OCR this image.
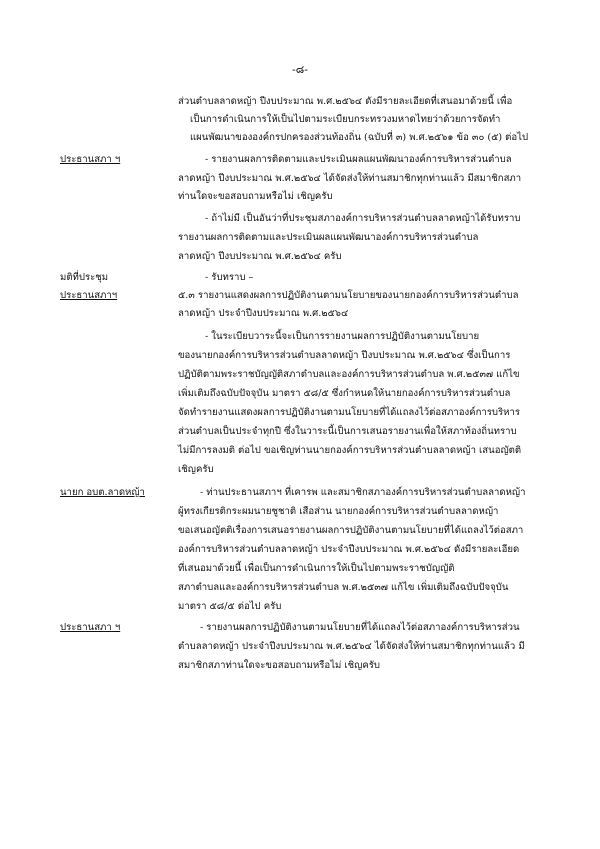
-๘-
ส่วนตำบลลาดหญ้า ปีงบประมาณ พ.ศ.๒๕๖๔ ดังมีรายละเอียดที่เสนอมาด้วยนี้ เพื่อ
เป็นการดำเนินการให้เป็นไปตามระเบียบกระทรวงมหาดไทยว่าด้วยการจัดทำ
แผนพัฒนาขององค์กรปกครองส่วนท้องถิ่น (ฉบับที่ ๓) พ.ศ.๒๕๖๑ ข้อ ๓๐ (๕) ต่อไป
ประธานสภา ฯ	- รายงานผลการติดตามและประเมินผลแผนพัฒนาองค์การบริหารส่วนตำบล
ลาดหญ้า ปีงบประมาณ พ.ศ.๒๕๖๔ ได้จัดส่งให้ท่านสมาชิกทุกท่านแล้ว มีสมาชิกสภา
ท่านใดจะขอสอบถามหรือไม่ เชิญครับ
- ถ้าไม่มี เป็นอันว่าที่ประชุมสภาองค์การบริหารส่วนตำบลลาดหญ้าได้รับทราบ
รายงานผลการติดตามและประเมินผลแผนพัฒนาองค์การบริหารส่วนตำบล
ลาดหญ้า ปีงบประมาณ พ.ศ.๒๕๖๔ ครับ
มติที่ประชุม	- รับทราบ –
ประธานสภาฯ	๕.๓ รายงานแสดงผลการปฏิบัติงานตามนโยบายของนายกองค์การบริหารส่วนตำบล
ลาดหญ้า ประจำปีงบประมาณ พ.ศ.๒๕๖๔
- ในระเบียบวาระนี้จะเป็นการรายงานผลการปฏิบัติงานตามนโยบาย
ของนายกองค์การบริหารส่วนตำบลลาดหญ้า ปีงบประมาณ พ.ศ.๒๕๖๔ ซึ่งเป็นการ
ปฏิบัติตามพระราชบัญญัติสภาตำบลและองค์การบริหารส่วนตำบล พ.ศ.๒๕๓๗ แก้ไข
เพิ่มเติมถึงฉบับปัจจุบัน มาตรา ๕๘/๕ ซึ่งกำหนดให้นายกองค์การบริหารส่วนตำบล
จัดทำรายงานแสดงผลการปฏิบัติงานตามนโยบายที่ได้แถลงไว้ต่อสภาองค์การบริหาร
ส่วนตำบลเป็นประจำทุกปี ซึ่งในวาระนี้เป็นการเสนอรายงานเพื่อให้สภาท้องถิ่นทราบ
ไม่มีการลงมติ ต่อไป ขอเชิญท่านนายกองค์การบริหารส่วนตำบลลาดหญ้า เสนอญัตติ
เชิญครับ
นายก อบต.ลาดหญ้า	- ท่านประธานสภาฯ ที่เคารพ และสมาชิกสภาองค์การบริหารส่วนตำบลลาดหญ้า
ผู้ทรงเกียรติกระผมนายชูชาติ เสือส่าน นายกองค์การบริหารส่วนตำบลลาดหญ้า
ขอเสนอญัตติเรื่องการเสนอรายงานผลการปฏิบัติงานตามนโยบายที่ได้แถลงไว้ต่อสภา
องค์การบริหารส่วนตำบลลาดหญ้า ประจำปีงบประมาณ พ.ศ.๒๕๖๔ ดังมีรายละเอียด
ที่เสนอมาด้วยนี้ เพื่อเป็นการดำเนินการให้เป็นไปตามพระราชบัญญัติ
สภาตำบลและองค์การบริหารส่วนตำบล พ.ศ.๒๕๓๗ แก้ไข เพิ่มเติมถึงฉบับปัจจุบัน
มาตรา ๕๘/๕ ต่อไป ครับ
ประธานสภา ฯ	- รายงานผลการปฏิบัติงานตามนโยบายที่ได้แถลงไว้ต่อสภาองค์การบริหารส่วน
ตำบลลาดหญ้า ประจำปีงบประมาณ พ.ศ.๒๕๖๔ ได้จัดส่งให้ท่านสมาชิกทุกท่านแล้ว มี
สมาชิกสภาท่านใดจะขอสอบถามหรือไม่ เชิญครับ
